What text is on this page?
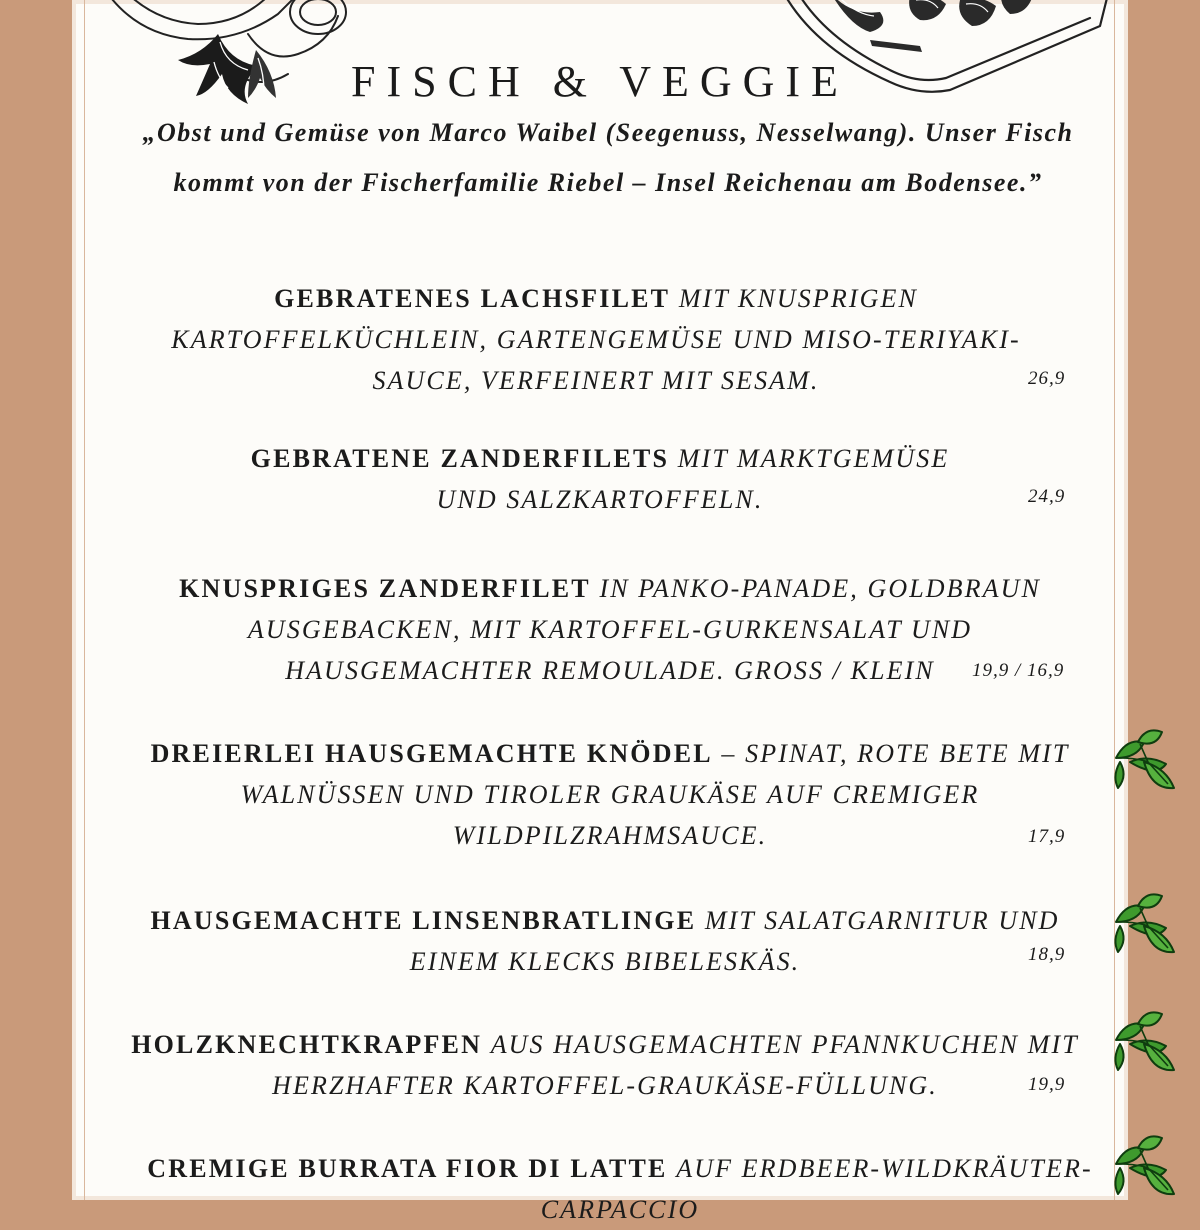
FISCH & VEGGIE

„Obst und Gemüse von Marco Waibel (Seegenuss, Nesselwang). Unser Fisch kommt von der Fischerfamilie Riebel – Insel Reichenau am Bodensee.”

GEBRATENES LACHSFILET MIT KNUSPRIGEN KARTOFFELKÜCHLEIN, GARTENGEMÜSE UND MISO-TERIYAKI-SAUCE, VERFEINERT MIT SESAM.	26,9

GEBRATENE ZANDERFILETS MIT MARKTGEMÜSE UND SALZKARTOFFELN.	24,9

KNUSPRIGES ZANDERFILET IN PANKO-PANADE, GOLDBRAUN AUSGEBACKEN, MIT KARTOFFEL-GURKENSALAT UND HAUSGEMACHTER REMOULADE. GROSS / KLEIN	19,9 / 16,9

DREIERLEI HAUSGEMACHTE KNÖDEL – SPINAT, ROTE BETE MIT WALNÜSSEN UND TIROLER GRAUKÄSE AUF CREMIGER WILDPILZRAHMSAUCE.	17,9

HAUSGEMACHTE LINSENBRATLINGE MIT SALATGARNITUR UND EINEM KLECKS BIBELESKÄS.	18,9

HOLZKNECHTKRAPFEN AUS HAUSGEMACHTEN PFANNKUCHEN MIT HERZHAFTER KARTOFFEL-GRAUKÄSE-FÜLLUNG.	19,9

CREMIGE BURRATA FIOR DI LATTE AUF ERDBEER-WILDKRÄUTER-CARPACCIO
